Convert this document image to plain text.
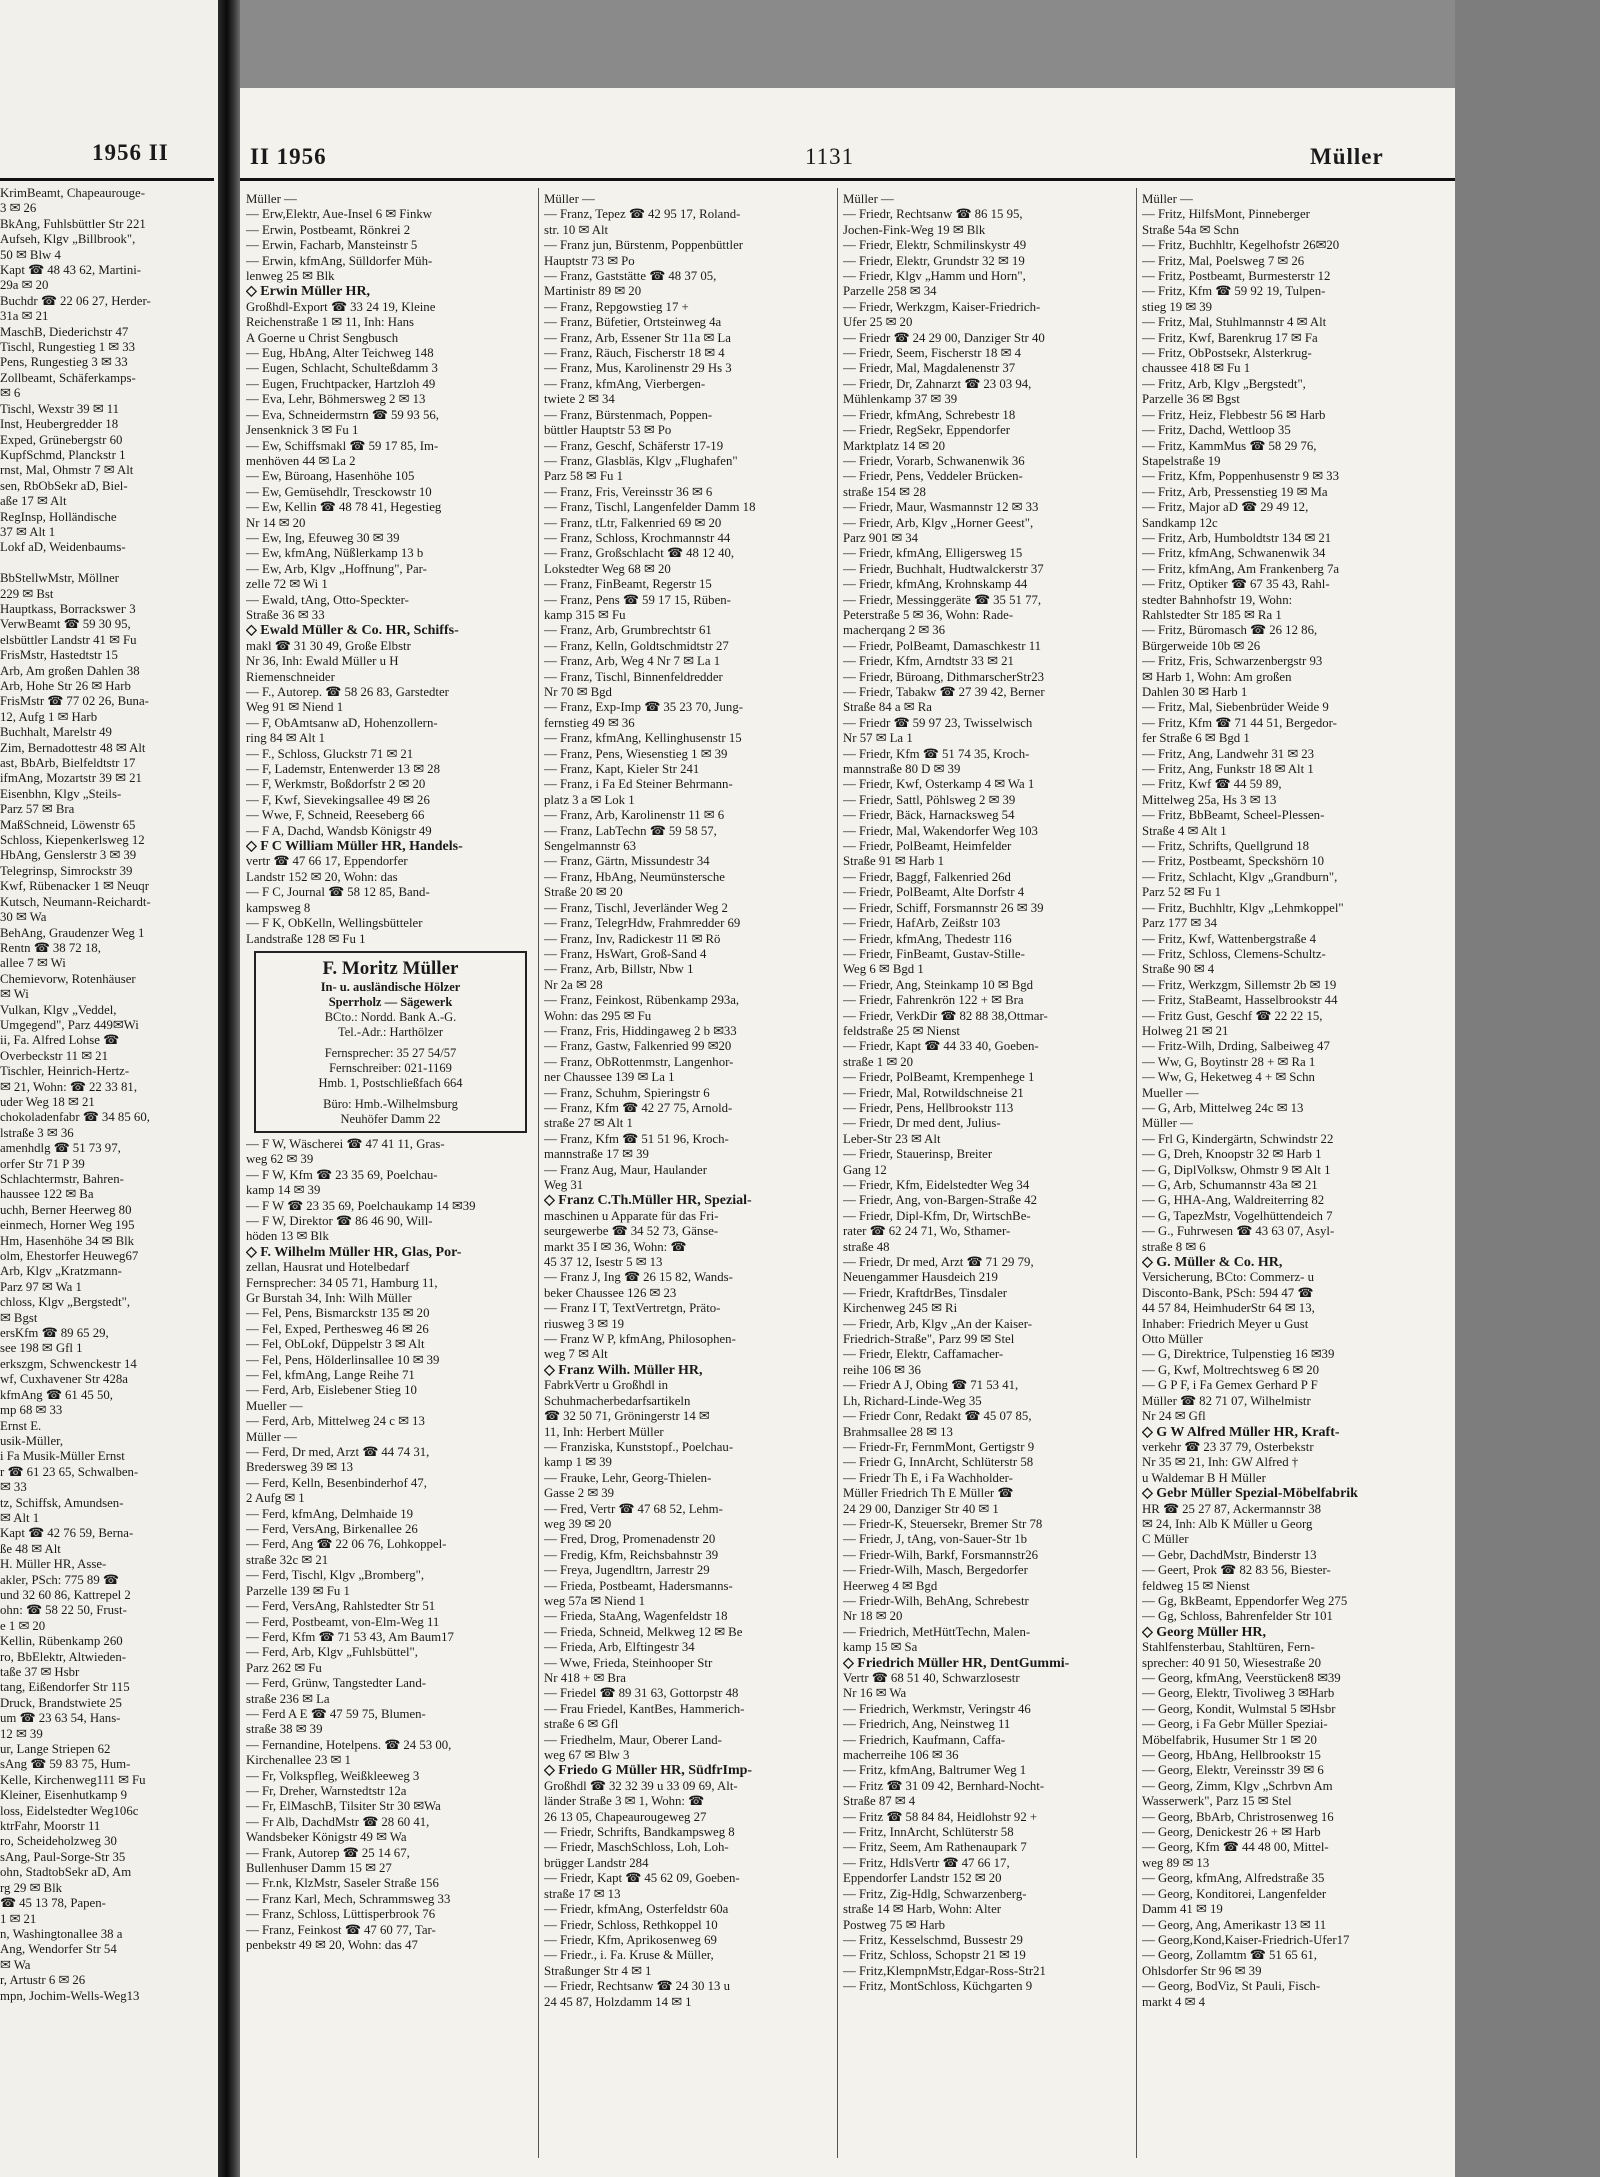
1956 II
KrimBeamt, Chapeaurouge-
3 ✉ 26
BkAng, Fuhlsbüttler Str 221
Aufseh, Klgv „Billbrook",
50 ✉ Blw 4
Kapt ☎ 48 43 62, Martini-
29a ✉ 20
Buchdr ☎ 22 06 27, Herder-
31a ✉ 21
MaschB, Diederichstr 47
Tischl, Rungestieg 1 ✉ 33
Pens, Rungestieg 3 ✉ 33
Zollbeamt, Schäferkamps-
✉ 6
Tischl, Wexstr 39 ✉ 11
Inst, Heubergredder 18
Exped, Grünebergstr 60
KupfSchmd, Planckstr 1
rnst, Mal, Ohmstr 7 ✉ Alt
sen, RbObSekr aD, Biel-
aße 17 ✉ Alt
RegInsp, Holländische
37 ✉ Alt 1
Lokf aD, Weidenbaums-

BbStellwMstr, Möllner
229 ✉ Bst
Hauptkass, Borrackswег 3
VerwBeamt ☎ 59 30 95,
elsbüttler Landstr 41 ✉ Fu
FrisMstr, Hastedtstr 15
Arb, Am großen Dahlen 38
Arb, Hohe Str 26 ✉ Harb
FrisMstr ☎ 77 02 26, Buna-
12, Aufg 1 ✉ Harb
Buchhalt, Marelstr 49
Zim, Bernadottestr 48 ✉ Alt
ast, BbArb, Bielfeldtstr 17
ifmAng, Mozartstr 39 ✉ 21
Eisenbhn, Klgv „Steils-
Parz 57 ✉ Bra
MaßSchneid, Löwenstr 65
Schloss, Kiepenkerlsweg 12
HbAng, Genslerstr 3 ✉ 39
Telegrinsp, Simrockstr 39
Kwf, Rübenacker 1 ✉ Neuqr
Kutsch, Neumann-Reichardt-
30 ✉ Wa
BehAng, Graudenzer Weg 1
Rentn ☎ 38 72 18,
allee 7 ✉ Wi
Chemievorw, Rotenhäuser
✉ Wi
Vulkan, Klgv „Veddel,
Umgegend", Parz 449✉Wi
ii, Fa. Alfred Lohse ☎
Overbeckstr 11 ✉ 21
Tischler, Heinrich-Hertz-
✉ 21, Wohn: ☎ 22 33 81,
uder Weg 18 ✉ 21
chokoladenfabr ☎ 34 85 60,
lstraße 3 ✉ 36
amenhdlg ☎ 51 73 97,
orfer Str 71 P 39
Schlachtermstr, Bahren-
haussee 122 ✉ Ba
uchh, Berner Heerweg 80
einmech, Horner Weg 195
Hm, Hasenhöhe 34 ✉ Blk
olm, Ehestorfer Heuweg67
Arb, Klgv „Kratzmann-
Parz 97 ✉ Wa 1
chloss, Klgv „Bergstedt",
✉ Bgst
ersKfm ☎ 89 65 29,
see 198 ✉ Gfl 1
erkszgm, Schwenckestr 14
wf, Cuxhavener Str 428a
kfmAng ☎ 61 45 50,
mp 68 ✉ 33
Ernst E.
usik-Müller,
i Fa Musik-Müller Ernst
r ☎ 61 23 65, Schwalben-
✉ 33
tz, Schiffsk, Amundsen-
✉ Alt 1
Kapt ☎ 42 76 59, Berna-
ße 48 ✉ Alt
H. Müller HR, Asse-
akler, PSch: 775 89 ☎
und 32 60 86, Kattrepel 2
ohn: ☎ 58 22 50, Frust-
e 1 ✉ 20
Kellin, Rübenkamp 260
ro, BbElektr, Altwieden-
taße 37 ✉ Hsbr
tang, Eißendorfer Str 115
Druck, Brandstwiete 25
um ☎ 23 63 54, Hans-
12 ✉ 39
ur, Lange Striepen 62
sAng ☎ 59 83 75, Hum-
Kelle, Kirchenweg111 ✉ Fu
Kleiner, Eisenhutkamp 9
loss, Eidelstedter Weg106c
ktrFahr, Moorstr 11
ro, Scheideholzweg 30
sAng, Paul-Sorge-Str 35
ohn, StadtobSekr aD, Am
rg 29 ✉ Blk
☎ 45 13 78, Papen-
1 ✉ 21
n, Washingtonallee 38 a
Ang, Wendorfer Str 54
✉ Wa
r, Artustr 6 ✉ 26
mpn, Jochim-Wells-Weg13
II 1956	1131	Müller
Müller —
— Erw,Elektr, Aue-Insel 6 ✉ Finkw
— Erwin, Postbeamt, Rönkrei 2
— Erwin, Facharb, Mansteinstr 5
— Erwin, kfmAng, Sülldorfer Müh-
lenweg 25 ✉ Blk
◇ Erwin Müller HR,
Großhdl-Export ☎ 33 24 19, Kleine
Reichenstraße 1 ✉ 11, Inh: Hans
A Goerne u Christ Sengbusch
— Eug, HbAng, Alter Teichweg 148
— Eugen, Schlacht, Schulteßdamm 3
— Eugen, Fruchtpacker, Hartzloh 49
— Eva, Lehr, Böhmersweg 2 ✉ 13
— Eva, Schneidermstrn ☎ 59 93 56,
Jensenknick 3 ✉ Fu 1
— Ew, Schiffsmakl ☎ 59 17 85, Im-
menhöven 44 ✉ La 2
— Ew, Büroang, Hasenhöhe 105
— Ew, Gemüsehdlr, Tresckowstr 10
— Ew, Kellin ☎ 48 78 41, Hegestieg
Nr 14 ✉ 20
— Ew, Ing, Efeuweg 30 ✉ 39
— Ew, kfmAng, Nüßlerkamp 13 b
— Ew, Arb, Klgv „Hoffnung", Par-
zelle 72 ✉ Wi 1
— Ewald, tAng, Otto-Speckter-
Straße 36 ✉ 33
◇ Ewald Müller & Co. HR, Schiffs-
makl ☎ 31 30 49, Große Elbstr
Nr 36, Inh: Ewald Müller u H
Riemenschneider
— F., Autorep. ☎ 58 26 83, Garstedter
Weg 91 ✉ Niend 1
— F, ObAmtsanw aD, Hohenzollern-
ring 84 ✉ Alt 1
— F., Schloss, Gluckstr 71 ✉ 21
— F, Lademstr, Entenwerder 13 ✉ 28
— F, Werkmstr, Boßdorfstr 2 ✉ 20
— F, Kwf, Sievekingsallee 49 ✉ 26
— Wwe, F, Schneid, Reeseberg 66
— F A, Dachd, Wandsb Königstr 49
◇ F C William Müller HR, Handels-
vertr ☎ 47 66 17, Eppendorfer
Landstr 152 ✉ 20, Wohn: das
— F C, Journal ☎ 58 12 85, Band-
kampsweg 8
— F K, ObKelln, Wellingsbütteler
Landstraße 128 ✉ Fu 1
F. Moritz Müller
In- u. ausländische Hölzer
Sperrholz — Sägewerk
BCto.: Nordd. Bank A.-G.
Tel.-Adr.: Harthölzer
Fernsprecher: 35 27 54/57
Fernschreiber: 021-1169
Hmb. 1, Postschließfach 664
Büro: Hmb.-Wilhelmsburg
Neuhöfer Damm 22
— F W, Wäscherei ☎ 47 41 11, Gras-
weg 62 ✉ 39
— F W, Kfm ☎ 23 35 69, Poelchau-
kamp 14 ✉ 39
— F W ☎ 23 35 69, Poelchaukamp 14 ✉39
— F W, Direktor ☎ 86 46 90, Will-
höden 13 ✉ Blk
◇ F. Wilhelm Müller HR, Glas, Por-
zellan, Hausrat und Hotelbedarf
Fernsprecher: 34 05 71, Hamburg 11,
Gr Burstah 34, Inh: Wilh Müller
— Fel, Pens, Bismarckstr 135 ✉ 20
— Fel, Exped, Perthesweg 46 ✉ 26
— Fel, ObLokf, Düppelstr 3 ✉ Alt
— Fel, Pens, Hölderlinsallee 10 ✉ 39
— Fel, kfmAng, Lange Reihe 71
— Ferd, Arb, Eislebener Stieg 10
Mueller —
— Ferd, Arb, Mittelweg 24 c ✉ 13
Müller —
— Ferd, Dr med, Arzt ☎ 44 74 31,
Bredersweg 39 ✉ 13
— Ferd, Kelln, Besenbinderhof 47,
2 Aufg ✉ 1
— Ferd, kfmAng, Delmhaide 19
— Ferd, VersAng, Birkenallee 26
— Ferd, Ang ☎ 22 06 76, Lohkoppel-
straße 32c ✉ 21
— Ferd, Tischl, Klgv „Bromberg",
Parzelle 139 ✉ Fu 1
— Ferd, VersAng, Rahlstedter Str 51
— Ferd, Postbeamt, von-Elm-Weg 11
— Ferd, Kfm ☎ 71 53 43, Am Baum17
— Ferd, Arb, Klgv „Fuhlsbüttel",
Parz 262 ✉ Fu
— Ferd, Grünw, Tangstedter Land-
straße 236 ✉ La
— Ferd A E ☎ 47 59 75, Blumen-
straße 38 ✉ 39
— Fernandine, Hotelpens. ☎ 24 53 00,
Kirchenallee 23 ✉ 1
— Fr, Volkspfleg, Weißkleeweg 3
— Fr, Dreher, Warnstedtstr 12a
— Fr, ElMaschB, Tilsiter Str 30 ✉Wa
— Fr Alb, DachdMstr ☎ 28 60 41,
Wandsbeker Königstr 49 ✉ Wa
— Frank, Autorep ☎ 25 14 67,
Bullenhuser Damm 15 ✉ 27
— Fr.nk, KlzMstr, Saseler Straße 156
— Franz Karl, Mech, Schrammsweg 33
— Franz, Schloss, Lüttisperbrook 76
— Franz, Feinkost ☎ 47 60 77, Tar-
penbekstr 49 ✉ 20, Wohn: das 47
Müller —
— Franz, Tepez ☎ 42 95 17, Roland-
str. 10 ✉ Alt
— Franz jun, Bürstenm, Poppenbüttler
Hauptstr 73 ✉ Po
— Franz, Gaststätte ☎ 48 37 05,
Martinistr 89 ✉ 20
— Franz, Repgowstieg 17 +
— Franz, Büfetier, Ortsteinweg 4a
— Franz, Arb, Essener Str 11a ✉ La
— Franz, Räuch, Fischerstr 18 ✉ 4
— Franz, Mus, Karolinenstr 29 Hs 3
— Franz, kfmAng, Vierbergen-
twiete 2 ✉ 34
— Franz, Bürstenmach, Poppen-
büttler Hauptstr 53 ✉ Po
— Franz, Geschf, Schäferstr 17-19
— Franz, Glasbläs, Klgv „Flughafen"
Parz 58 ✉ Fu 1
— Franz, Fris, Vereinsstr 36 ✉ 6
— Franz, Tischl, Langenfelder Damm 18
— Franz, tLtr, Falkenried 69 ✉ 20
— Franz, Schloss, Krochmannstr 44
— Franz, Großschlacht ☎ 48 12 40,
Lokstedter Weg 68 ✉ 20
— Franz, FinBeamt, Regerstr 15
— Franz, Pens ☎ 59 17 15, Rüben-
kamp 315 ✉ Fu
— Franz, Arb, Grumbrechtstr 61
— Franz, Kelln, Goldtschmidtstr 27
— Franz, Arb, Weg 4 Nr 7 ✉ La 1
— Franz, Tischl, Binnenfeldredder
Nr 70 ✉ Bgd
— Franz, Exp-Imp ☎ 35 23 70, Jung-
fernstieg 49 ✉ 36
— Franz, kfmAng, Kellinghusenstr 15
— Franz, Pens, Wiesenstieg 1 ✉ 39
— Franz, Kapt, Kieler Str 241
— Franz, i Fa Ed Steiner Behrmann-
platz 3 a ✉ Lok 1
— Franz, Arb, Karolinenstr 11 ✉ 6
— Franz, LabTechn ☎ 59 58 57,
Sengelmannstr 63
— Franz, Gärtn, Missundestr 34
— Franz, HbAng, Neumünstersche
Straße 20 ✉ 20
— Franz, Tischl, Jeverländer Weg 2
— Franz, TelegrHdw, Frahmredder 69
— Franz, Inv, Radickestr 11 ✉ Rö
— Franz, HsWart, Groß-Sand 4
— Franz, Arb, Billstr, Nbw 1
Nr 2a ✉ 28
— Franz, Feinkost, Rübenkamp 293a,
Wohn: das 295 ✉ Fu
— Franz, Fris, Hiddingaweg 2 b ✉33
— Franz, Gastw, Falkenried 99 ✉20
— Franz, ObRottenmstr, Langenhor-
ner Chaussee 139 ✉ La 1
— Franz, Schuhm, Spieringstr 6
— Franz, Kfm ☎ 42 27 75, Arnold-
straße 27 ✉ Alt 1
— Franz, Kfm ☎ 51 51 96, Kroch-
mannstraße 17 ✉ 39
— Franz Aug, Maur, Haulander
Weg 31
◇ Franz C.Th.Müller HR, Spezial-
maschinen u Apparate für das Fri-
seurgewerbe ☎ 34 52 73, Gänse-
markt 35 I ✉ 36, Wohn: ☎
45 37 12, Isestr 5 ✉ 13
— Franz J, Ing ☎ 26 15 82, Wands-
beker Chaussee 126 ✉ 23
— Franz I T, TextVertretgn, Präto-
riusweg 3 ✉ 19
— Franz W P, kfmAng, Philosophen-
weg 7 ✉ Alt
◇ Franz Wilh. Müller HR,
FabrkVertr u Großhdl in
Schuhmacherbedarfsartikeln
☎ 32 50 71, Gröningerstr 14 ✉
11, Inh: Herbert Müller
— Franziska, Kunststopf., Poelchau-
kamp 1 ✉ 39
— Frauke, Lehr, Georg-Thielen-
Gasse 2 ✉ 39
— Fred, Vertr ☎ 47 68 52, Lehm-
weg 39 ✉ 20
— Fred, Drog, Promenadenstr 20
— Fredig, Kfm, Reichsbahnstr 39
— Freya, Jugendltrn, Jarrestr 29
— Frieda, Postbeamt, Hadersmanns-
weg 57a ✉ Niend 1
— Frieda, StaAng, Wagenfeldstr 18
— Frieda, Schneid, Melkweg 12 ✉ Be
— Frieda, Arb, Elftingestr 34
— Wwe, Frieda, Steinhooper Str
Nr 418 + ✉ Bra
— Friedel ☎ 89 31 63, Gottorpstr 48
— Frau Friedel, KantBes, Hammerich-
straße 6 ✉ Gfl
— Friedhelm, Maur, Oberer Land-
weg 67 ✉ Blw 3
◇ Friedo G Müller HR, SüdfrImp-
Großhdl ☎ 32 32 39 u 33 09 69, Alt-
länder Straße 3 ✉ 1, Wohn: ☎
26 13 05, Chapeaurougeweg 27
— Friedr, Schrifts, Bandkampsweg 8
— Friedr, MaschSchloss, Loh, Loh-
brügger Landstr 284
— Friedr, Kapt ☎ 45 62 09, Goeben-
straße 17 ✉ 13
— Friedr, kfmAng, Osterfeldstr 60a
— Friedr, Schloss, Rethkoppel 10
— Friedr, Kfm, Aprikosenweg 69
— Friedr., i. Fa. Kruse & Müller,
Straßunger Str 4 ✉ 1
— Friedr, Rechtsanw ☎ 24 30 13 u
24 45 87, Holzdamm 14 ✉ 1
Müller —
— Friedr, Rechtsanw ☎ 86 15 95,
Jochen-Fink-Weg 19 ✉ Blk
— Friedr, Elektr, Schmilinskystr 49
— Friedr, Elektr, Grundstr 32 ✉ 19
— Friedr, Klgv „Hamm und Horn",
Parzelle 258 ✉ 34
— Friedr, Werkzgm, Kaiser-Friedrich-
Ufer 25 ✉ 20
— Friedr ☎ 24 29 00, Danziger Str 40
— Friedr, Seem, Fischerstr 18 ✉ 4
— Friedr, Mal, Magdalenenstr 37
— Friedr, Dr, Zahnarzt ☎ 23 03 94,
Mühlenkamp 37 ✉ 39
— Friedr, kfmAng, Schrebestr 18
— Friedr, RegSekr, Eppendorfer
Marktplatz 14 ✉ 20
— Friedr, Vorarb, Schwanenwik 36
— Friedr, Pens, Veddeler Brücken-
straße 154 ✉ 28
— Friedr, Maur, Wasmannstr 12 ✉ 33
— Friedr, Arb, Klgv „Horner Geest",
Parz 901 ✉ 34
— Friedr, kfmAng, Elligersweg 15
— Friedr, Buchhalt, Hudtwalckerstr 37
— Friedr, kfmAng, Krohnskamp 44
— Friedr, Messinggeräte ☎ 35 51 77,
Peterstraße 5 ✉ 36, Wohn: Rade-
macherqang 2 ✉ 36
— Friedr, PolBeamt, Damaschkestr 11
— Friedr, Kfm, Arndtstr 33 ✉ 21
— Friedr, Büroang, DithmarscherStr23
— Friedr, Tabakw ☎ 27 39 42, Berner
Straße 84 a ✉ Ra
— Friedr ☎ 59 97 23, Twisselwisch
Nr 57 ✉ La 1
— Friedr, Kfm ☎ 51 74 35, Kroch-
mannstraße 80 D ✉ 39
— Friedr, Kwf, Osterkamp 4 ✉ Wa 1
— Friedr, Sattl, Pöhlsweg 2 ✉ 39
— Friedr, Bäck, Harnacksweg 54
— Friedr, Mal, Wakendorfer Weg 103
— Friedr, PolBeamt, Heimfelder
Straße 91 ✉ Harb 1
— Friedr, Baggf, Falkenried 26d
— Friedr, PolBeamt, Alte Dorfstr 4
— Friedr, Schiff, Forsmannstr 26 ✉ 39
— Friedr, HafArb, Zeißstr 103
— Friedr, kfmAng, Thedestr 116
— Friedr, FinBeamt, Gustav-Stille-
Weg 6 ✉ Bgd 1
— Friedr, Ang, Steinkamp 10 ✉ Bgd
— Friedr, Fahrenkrön 122 + ✉ Bra
— Friedr, VerkDir ☎ 82 88 38,Ottmar-
feldstraße 25 ✉ Nienst
— Friedr, Kapt ☎ 44 33 40, Goeben-
straße 1 ✉ 20
— Friedr, PolBeamt, Krempenhege 1
— Friedr, Mal, Rotwildschneise 21
— Friedr, Pens, Hellbrookstr 113
— Friedr, Dr med dent, Julius-
Leber-Str 23 ✉ Alt
— Friedr, Stauerinsp, Breiter
Gang 12
— Friedr, Kfm, Eidelstedter Weg 34
— Friedr, Ang, von-Bargen-Straße 42
— Friedr, Dipl-Kfm, Dr, WirtschBe-
rater ☎ 62 24 71, Wo, Sthamer-
straße 48
— Friedr, Dr med, Arzt ☎ 71 29 79,
Neuengammer Hausdeich 219
— Friedr, KraftdrBes, Tinsdaler
Kirchenweg 245 ✉ Ri
— Friedr, Arb, Klgv „An der Kaiser-
Friedrich-Straße", Parz 99 ✉ Stel
— Friedr, Elektr, Caffamacher-
reihe 106 ✉ 36
— Friedr A J, Obing ☎ 71 53 41,
Lh, Richard-Linde-Weg 35
— Friedr Conr, Redakt ☎ 45 07 85,
Brahmsallee 28 ✉ 13
— Friedr-Fr, FernmMont, Gertigstr 9
— Friedr G, InnArcht, Schlüterstr 58
— Friedr Th E, i Fa Wachholder-
Müller Friedrich Th E Müller ☎
24 29 00, Danziger Str 40 ✉ 1
— Friedr-K, Steuersekr, Bremer Str 78
— Friedr, J, tAng, von-Sauer-Str 1b
— Friedr-Wilh, Barkf, Forsmannstr26
— Friedr-Wilh, Masch, Bergedorfer
Heerweg 4 ✉ Bgd
— Friedr-Wilh, BehAng, Schrebestr
Nr 18 ✉ 20
— Friedrich, MetHüttTechn, Malen-
kamp 15 ✉ Sa
◇ Friedrich Müller HR, DentGummi-
Vertr ☎ 68 51 40, Schwarzlosestr
Nr 16 ✉ Wa
— Friedrich, Werkmstr, Veringstr 46
— Friedrich, Ang, Neinstweg 11
— Friedrich, Kaufmann, Caffa-
macherreihe 106 ✉ 36
— Fritz, kfmAng, Baltrumer Weg 1
— Fritz ☎ 31 09 42, Bernhard-Nocht-
Straße 87 ✉ 4
— Fritz ☎ 58 84 84, Heidlohstr 92 +
— Fritz, InnArcht, Schlüterstr 58
— Fritz, Seem, Am Rathenaupark 7
— Fritz, HdlsVertr ☎ 47 66 17,
Eppendorfer Landstr 152 ✉ 20
— Fritz, Zig-Hdlg, Schwarzenberg-
straße 14 ✉ Harb, Wohn: Alter
Postweg 75 ✉ Harb
— Fritz, Kesselschmd, Bussestr 29
— Fritz, Schloss, Schopstr 21 ✉ 19
— Fritz,KlempnMstr,Edgar-Ross-Str21
— Fritz, MontSchloss, Küchgarten 9
Müller —
— Fritz, HilfsMont, Pinneberger
Straße 54a ✉ Schn
— Fritz, Buchhltr, Kegelhofstr 26✉20
— Fritz, Mal, Poelsweg 7 ✉ 26
— Fritz, Postbeamt, Burmesterstr 12
— Fritz, Kfm ☎ 59 92 19, Tulpen-
stieg 19 ✉ 39
— Fritz, Mal, Stuhlmannstr 4 ✉ Alt
— Fritz, Kwf, Barenkrug 17 ✉ Fa
— Fritz, ObPostsekr, Alsterkrug-
chaussee 418 ✉ Fu 1
— Fritz, Arb, Klgv „Bergstedt",
Parzelle 36 ✉ Bgst
— Fritz, Heiz, Flebbestr 56 ✉ Harb
— Fritz, Dachd, Wettloop 35
— Fritz, KammMus ☎ 58 29 76,
Stapelstraße 19
— Fritz, Kfm, Poppenhusenstr 9 ✉ 33
— Fritz, Arb, Pressenstieg 19 ✉ Ma
— Fritz, Major aD ☎ 29 49 12,
Sandkamp 12c
— Fritz, Arb, Humboldtstr 134 ✉ 21
— Fritz, kfmAng, Schwanenwik 34
— Fritz, kfmAng, Am Frankenberg 7a
— Fritz, Optiker ☎ 67 35 43, Rahl-
stedter Bahnhofstr 19, Wohn:
Rahlstedter Str 185 ✉ Ra 1
— Fritz, Büromasch ☎ 26 12 86,
Bürgerweide 10b ✉ 26
— Fritz, Fris, Schwarzenbergstr 93
✉ Harb 1, Wohn: Am großen
Dahlen 30 ✉ Harb 1
— Fritz, Mal, Siebenbrüder Weide 9
— Fritz, Kfm ☎ 71 44 51, Bergedor-
fer Straße 6 ✉ Bgd 1
— Fritz, Ang, Landwehr 31 ✉ 23
— Fritz, Ang, Funkstr 18 ✉ Alt 1
— Fritz, Kwf ☎ 44 59 89,
Mittelweg 25a, Hs 3 ✉ 13
— Fritz, BbBeamt, Scheel-Plessen-
Straße 4 ✉ Alt 1
— Fritz, Schrifts, Quellgrund 18
— Fritz, Postbeamt, Speckshörn 10
— Fritz, Schlacht, Klgv „Grandburn",
Parz 52 ✉ Fu 1
— Fritz, Buchhltr, Klgv „Lehmkoppel"
Parz 177 ✉ 34
— Fritz, Kwf, Wattenbergstraße 4
— Fritz, Schloss, Clemens-Schultz-
Straße 90 ✉ 4
— Fritz, Werkzgm, Sillemstr 2b ✉ 19
— Fritz, StaBeamt, Hasselbrookstr 44
— Fritz Gust, Geschf ☎ 22 22 15,
Holweg 21 ✉ 21
— Fritz-Wilh, Drding, Salbeiweg 47
— Ww, G, Boytinstr 28 + ✉ Ra 1
— Ww, G, Heketweg 4 + ✉ Schn
Mueller —
— G, Arb, Mittelweg 24c ✉ 13
Müller —
— Frl G, Kindergärtn, Schwindstr 22
— G, Dreh, Knoopstr 32 ✉ Harb 1
— G, DiplVolksw, Ohmstr 9 ✉ Alt 1
— G, Arb, Schumannstr 43a ✉ 21
— G, HHA-Ang, Waldreiterring 82
— G, TapezMstr, Vogelhüttendeich 7
— G., Fuhrwesen ☎ 43 63 07, Asyl-
straße 8 ✉ 6
◇ G. Müller & Co. HR,
Versicherung, BCto: Commerz- u
Disconto-Bank, PSch: 594 47 ☎
44 57 84, HeimhuderStr 64 ✉ 13,
Inhaber: Friedrich Meyer u Gust
Otto Müller
— G, Direktrice, Tulpenstieg 16 ✉39
— G, Kwf, Moltrechtsweg 6 ✉ 20
— G P F, i Fa Gemex Gerhard P F
Müller ☎ 82 71 07, Wilhelmistr
Nr 24 ✉ Gfl
◇ G W Alfred Müller HR, Kraft-
verkehr ☎ 23 37 79, Osterbekstr
Nr 35 ✉ 21, Inh: GW Alfred †
u Waldemar B H Müller
◇ Gebr Müller Spezial-Möbelfabrik
HR ☎ 25 27 87, Ackermannstr 38
✉ 24, Inh: Alb K Müller u Georg
C Müller
— Gebr, DachdMstr, Binderstr 13
— Geert, Prok ☎ 82 83 56, Biester-
feldweg 15 ✉ Nienst
— Gg, BkBeamt, Eppendorfer Weg 275
— Gg, Schloss, Bahrenfelder Str 101
◇ Georg Müller HR,
Stahlfensterbau, Stahltüren, Fern-
sprecher: 40 91 50, Wiesestraße 20
— Georg, kfmAng, Veerstücken8 ✉39
— Georg, Elektr, Tivoliweg 3 ✉Harb
— Georg, Kondit, Wulmstal 5 ✉Hsbr
— Georg, i Fa Gebr Müller Speziai-
Möbelfabrik, Husumer Str 1 ✉ 20
— Georg, HbAng, Hellbrookstr 15
— Georg, Elektr, Vereinsstr 39 ✉ 6
— Georg, Zimm, Klgv „Schrbvn Am
Wasserwerk", Parz 15 ✉ Stel
— Georg, BbArb, Christrosenweg 16
— Georg, Denickestr 26 + ✉ Harb
— Georg, Kfm ☎ 44 48 00, Mittel-
weg 89 ✉ 13
— Georg, kfmAng, Alfredstraße 35
— Georg, Konditorei, Langenfelder
Damm 41 ✉ 19
— Georg, Ang, Amerikastr 13 ✉ 11
— Georg,Kond,Kaiser-Friedrich-Ufer17
— Georg, Zollamtm ☎ 51 65 61,
Ohlsdorfer Str 96 ✉ 39
— Georg, BodViz, St Pauli, Fisch-
markt 4 ✉ 4
